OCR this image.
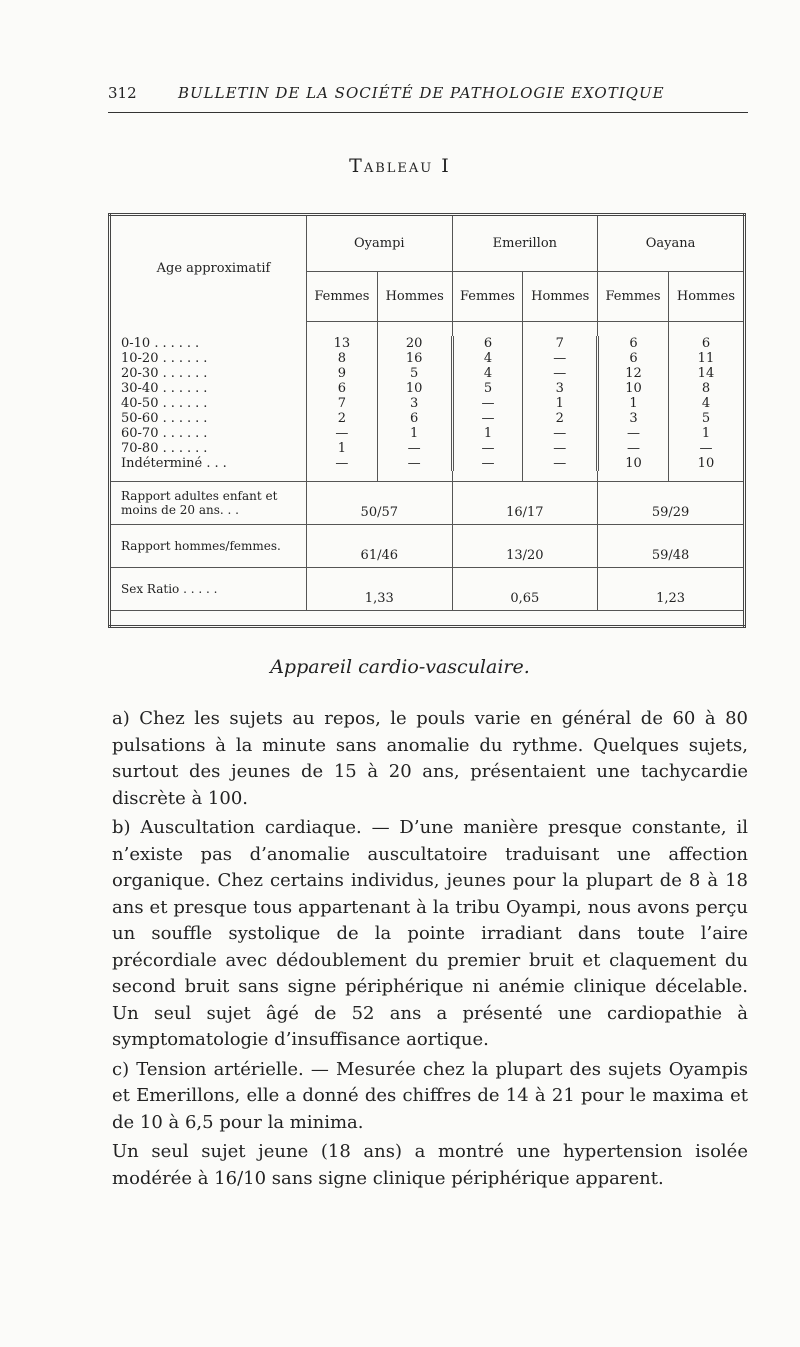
312	BULLETIN DE LA SOCIÉTÉ DE PATHOLOGIE EXOTIQUE
Tableau I
Age approximatif	Oyampi		Emerillon		Oayana	
	Femmes	Hommes	Femmes	Hommes	Femmes	Hommes

0-10 ......	13	20	6	7	6	6
10-20 ......	8	16	4	—	6	11
20-30 ......	9	5	4	—	12	14
30-40 ......	6	10	5	3	10	8
40-50 ......	7	3	—	1	1	4
50-60 ......	2	6	—	2	3	5
60-70 ......	—	1	1	—	—	1
70-80 ......	1	—	—	—	—	—
Indéterminé ...	—	—	—	—	10	10

Rapport adultes enfant et moins de 20 ans. . .	50/57		16/17		59/29	
Rapport hommes/femmes.	61/46		13/20		59/48	
Sex Ratio . . . . .	1,33		0,65		1,23	

Appareil cardio-vasculaire.

a) Chez les sujets au repos, le pouls varie en général de 60 à 80 pulsations à la minute sans anomalie du rythme. Quelques sujets, surtout des jeunes de 15 à 20 ans, présentaient une tachycardie discrète à 100.

b) Auscultation cardiaque. — D’une manière presque constante, il n’existe pas d’anomalie auscultatoire traduisant une affection organique. Chez certains individus, jeunes pour la plupart de 8 à 18 ans et presque tous appartenant à la tribu Oyampi, nous avons perçu un souffle systolique de la pointe irradiant dans toute l’aire précordiale avec dédoublement du premier bruit et claquement du second bruit sans signe périphérique ni anémie clinique décelable. Un seul sujet âgé de 52 ans a présenté une cardiopathie à symptomatologie d’insuffisance aortique.

c) Tension artérielle. — Mesurée chez la plupart des sujets Oyampis et Emerillons, elle a donné des chiffres de 14 à 21 pour le maxima et de 10 à 6,5 pour la minima.

Un seul sujet jeune (18 ans) a montré une hypertension isolée modérée à 16/10 sans signe clinique périphérique apparent.
